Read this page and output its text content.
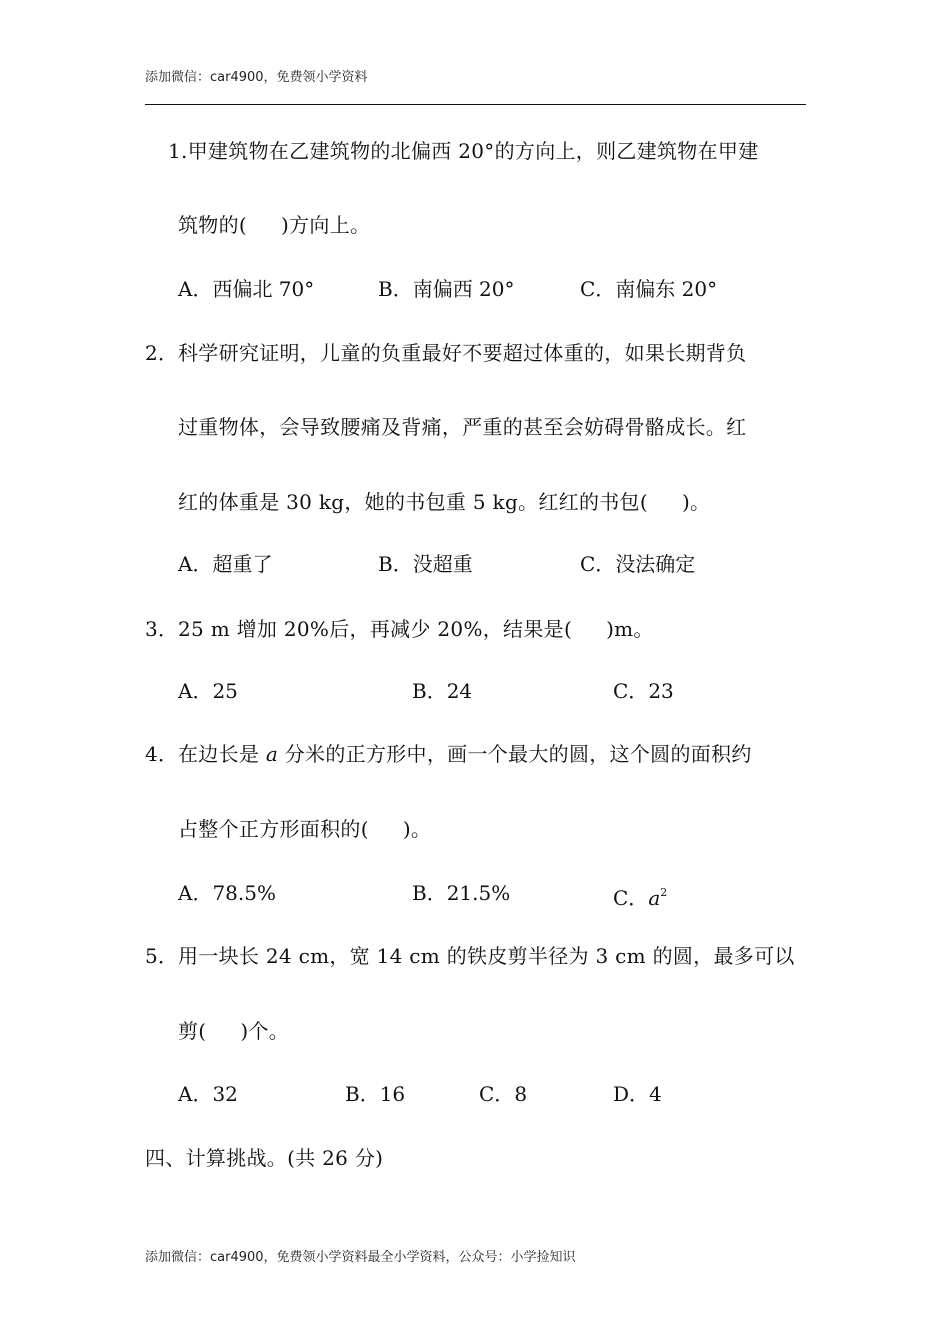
添加微信：car4900，免费领小学资料
1.甲建筑物在乙建筑物的北偏西 20°的方向上，则乙建筑物在甲建
筑物的( )方向上。
A．西偏北 70°	B．南偏西 20°	C．南偏东 20°
2．科学研究证明，儿童的负重最好不要超过体重的，如果长期背负
过重物体，会导致腰痛及背痛，严重的甚至会妨碍骨骼成长。红
红的体重是 30 kg，她的书包重 5 kg。红红的书包( )。
A．超重了	B．没超重	C．没法确定
3．25 m 增加 20%后，再减少 20%，结果是( )m。
A．25	B．24	C．23
4．在边长是 a 分米的正方形中，画一个最大的圆，这个圆的面积约
占整个正方形面积的( )。
A．78.5%	B．21.5%	C．$a^2$
5．用一块长 24 cm，宽 14 cm 的铁皮剪半径为 3 cm 的圆，最多可以
剪( )个。
A．32	B．16	C．8	D．4
四、计算挑战。(共 26 分)
添加微信：car4900，免费领小学资料最全小学资料，公众号：小学捡知识
